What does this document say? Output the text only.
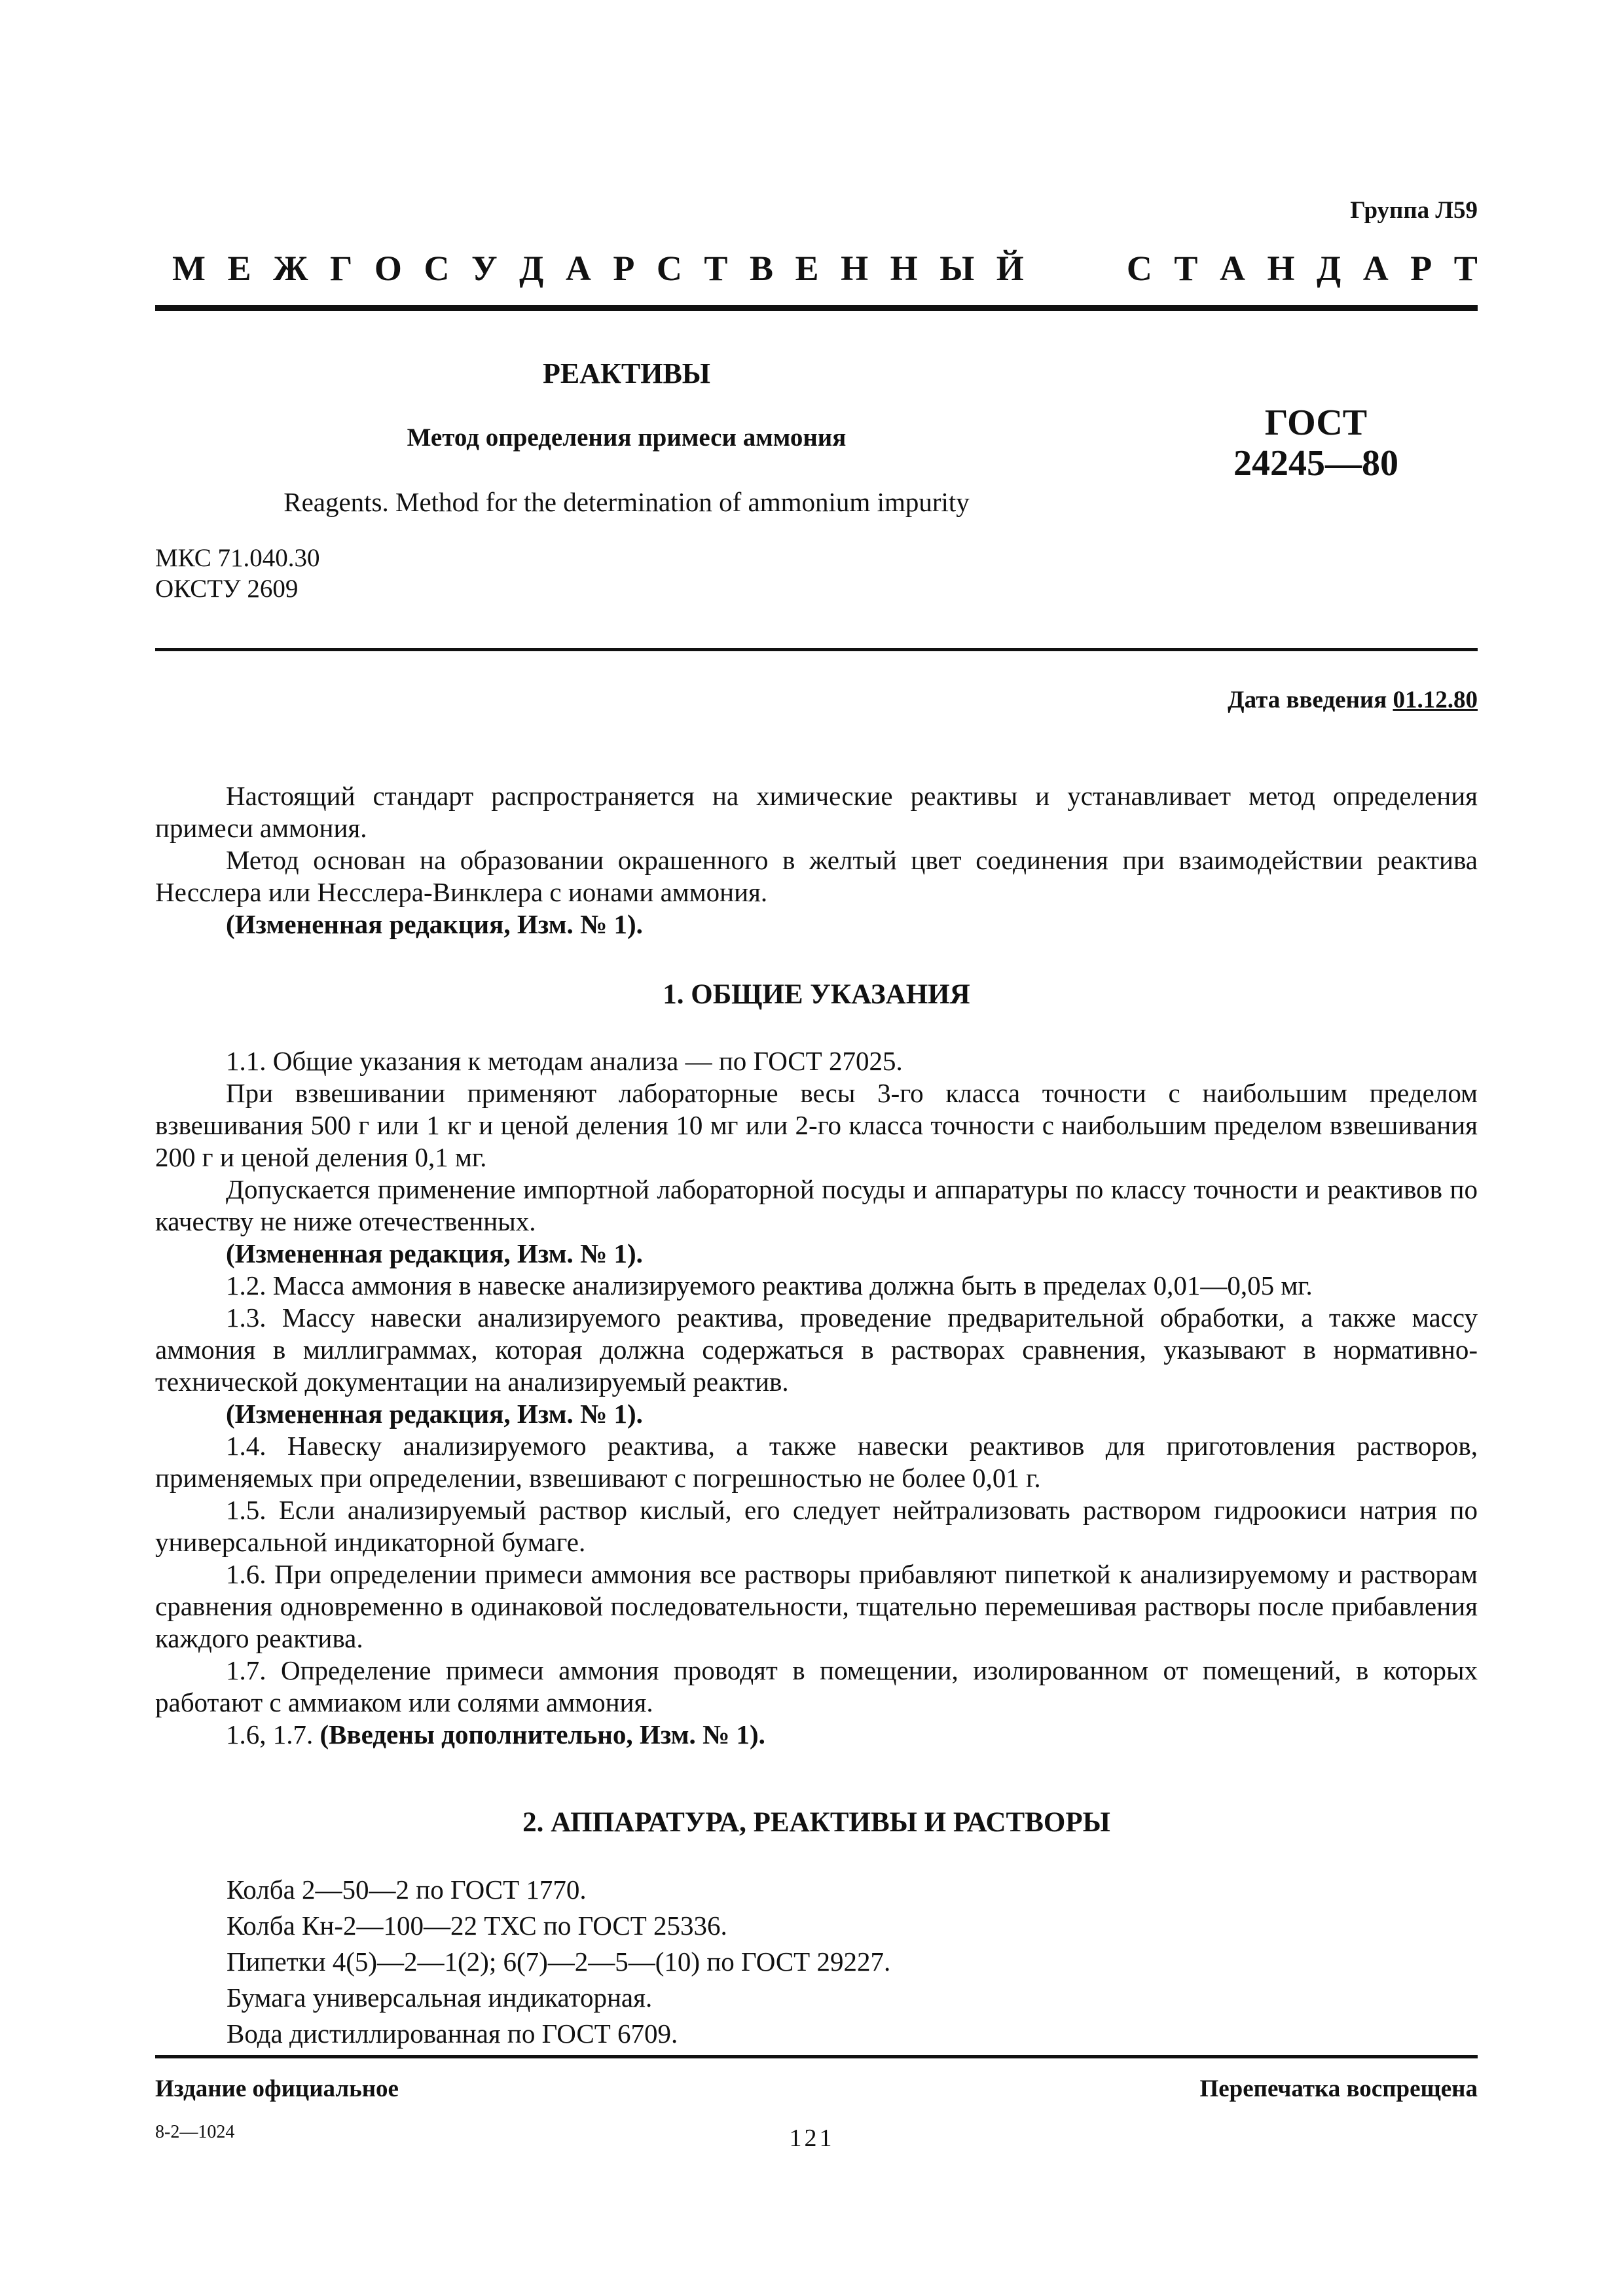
Группа Л59
М Е Ж Г О С У Д А Р С Т В Е Н Н Ы Й	С Т А Н Д А Р Т
РЕАКТИВЫ
Метод определения примеси аммония
Reagents. Method for the determination of ammonium impurity
ГОСТ
24245—80
МКС 71.040.30
ОКСТУ 2609
Дата введения 01.12.80

Настоящий стандарт распространяется на химические реактивы и устанавливает метод определения примеси аммония.

Метод основан на образовании окрашенного в желтый цвет соединения при взаимодействии реактива Несслера или Несслера-Винклера с ионами аммония.

(Измененная редакция, Изм. № 1).

1. ОБЩИЕ УКАЗАНИЯ

1.1. Общие указания к методам анализа — по ГОСТ 27025.

При взвешивании применяют лабораторные весы 3-го класса точности с наибольшим пределом взвешивания 500 г или 1 кг и ценой деления 10 мг или 2-го класса точности с наибольшим пределом взвешивания 200 г и ценой деления 0,1 мг.

Допускается применение импортной лабораторной посуды и аппаратуры по классу точности и реактивов по качеству не ниже отечественных.

(Измененная редакция, Изм. № 1).

1.2. Масса аммония в навеске анализируемого реактива должна быть в пределах 0,01—0,05 мг.

1.3. Массу навески анализируемого реактива, проведение предварительной обработки, а также массу аммония в миллиграммах, которая должна содержаться в растворах сравнения, указывают в нормативно-технической документации на анализируемый реактив.

(Измененная редакция, Изм. № 1).

1.4. Навеску анализируемого реактива, а также навески реактивов для приготовления растворов, применяемых при определении, взвешивают с погрешностью не более 0,01 г.

1.5. Если анализируемый раствор кислый, его следует нейтрализовать раствором гидроокиси натрия по универсальной индикаторной бумаге.

1.6. При определении примеси аммония все растворы прибавляют пипеткой к анализируемому и растворам сравнения одновременно в одинаковой последовательности, тщательно перемешивая растворы после прибавления каждого реактива.

1.7. Определение примеси аммония проводят в помещении, изолированном от помещений, в которых работают с аммиаком или солями аммония.

1.6, 1.7. (Введены дополнительно, Изм. № 1).

2. АППАРАТУРА, РЕАКТИВЫ И РАСТВОРЫ
Колба 2—50—2 по ГОСТ 1770.
Колба Кн-2—100—22 ТХС по ГОСТ 25336.
Пипетки 4(5)—2—1(2); 6(7)—2—5—(10) по ГОСТ 29227.
Бумага универсальная индикаторная.
Вода дистиллированная по ГОСТ 6709.
Издание официальное	Перепечатка воспрещена
8-2—1024	121
